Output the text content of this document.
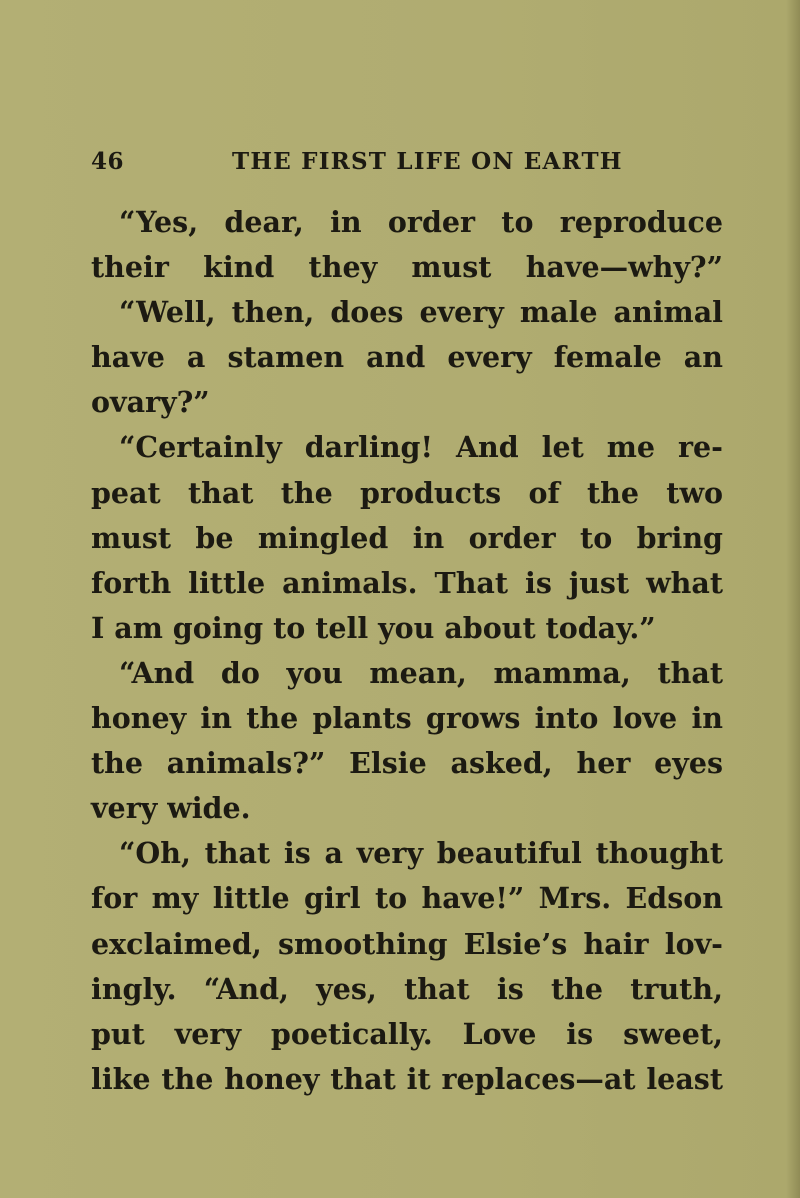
46	THE FIRST LIFE ON EARTH
“Yes, dear, in order to reproduce
their kind they must have—why?”
“Well, then, does every male animal
have a stamen and every female an
ovary?”
“Certainly darling! And let me re-
peat that the products of the two
must be mingled in order to bring
forth little animals. That is just what
I am going to tell you about today.”
“And do you mean, mamma, that
honey in the plants grows into love in
the animals?” Elsie asked, her eyes
very wide.
“Oh, that is a very beautiful thought
for my little girl to have!” Mrs. Edson
exclaimed, smoothing Elsie’s hair lov-
ingly. “And, yes, that is the truth,
put very poetically. Love is sweet,
like the honey that it replaces—at least
